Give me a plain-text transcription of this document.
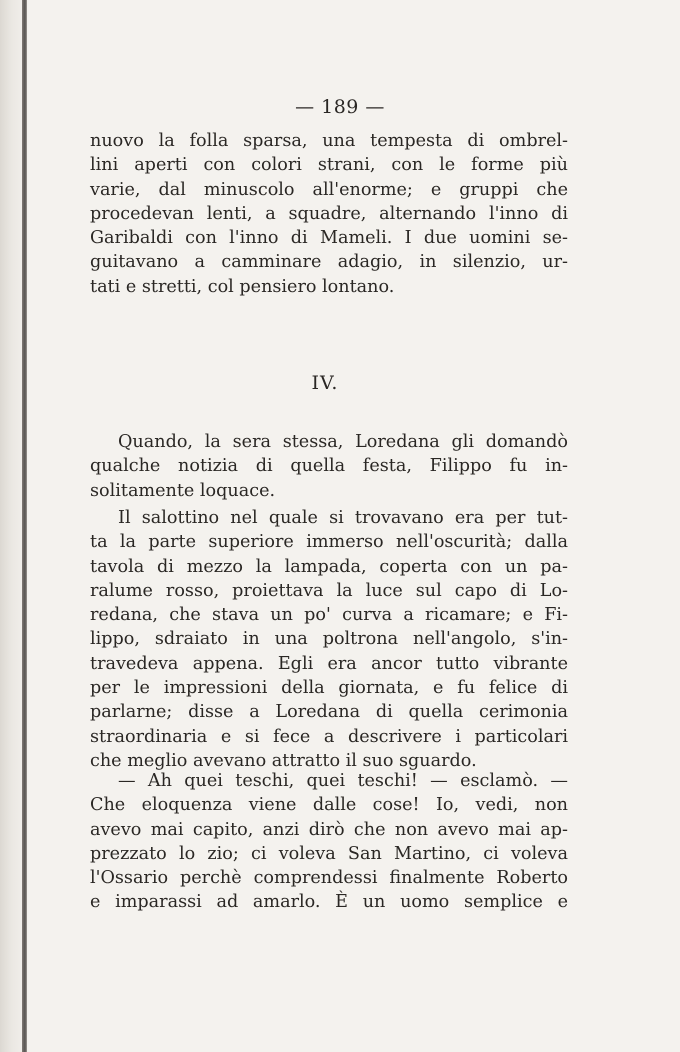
— 189 —
nuovo la folla sparsa, una tempesta di ombrel-
lini aperti con colori strani, con le forme più
varie, dal minuscolo all'enorme; e gruppi che
procedevan lenti, a squadre, alternando l'inno di
Garibaldi con l'inno di Mameli. I due uomini se-
guitavano a camminare adagio, in silenzio, ur-
tati e stretti, col pensiero lontano.
IV.
Quando, la sera stessa, Loredana gli domandò
qualche notizia di quella festa, Filippo fu in-
solitamente loquace.
Il salottino nel quale si trovavano era per tut-
ta la parte superiore immerso nell'oscurità; dalla
tavola di mezzo la lampada, coperta con un pa-
ralume rosso, proiettava la luce sul capo di Lo-
redana, che stava un po' curva a ricamare; e Fi-
lippo, sdraiato in una poltrona nell'angolo, s'in-
travedeva appena. Egli era ancor tutto vibrante
per le impressioni della giornata, e fu felice di
parlarne; disse a Loredana di quella cerimonia
straordinaria e si fece a descrivere i particolari
che meglio avevano attratto il suo sguardo.
— Ah quei teschi, quei teschi! — esclamò. —
Che eloquenza viene dalle cose! Io, vedi, non
avevo mai capito, anzi dirò che non avevo mai ap-
prezzato lo zio; ci voleva San Martino, ci voleva
l'Ossario perchè comprendessi finalmente Roberto
e imparassi ad amarlo. È un uomo semplice e
